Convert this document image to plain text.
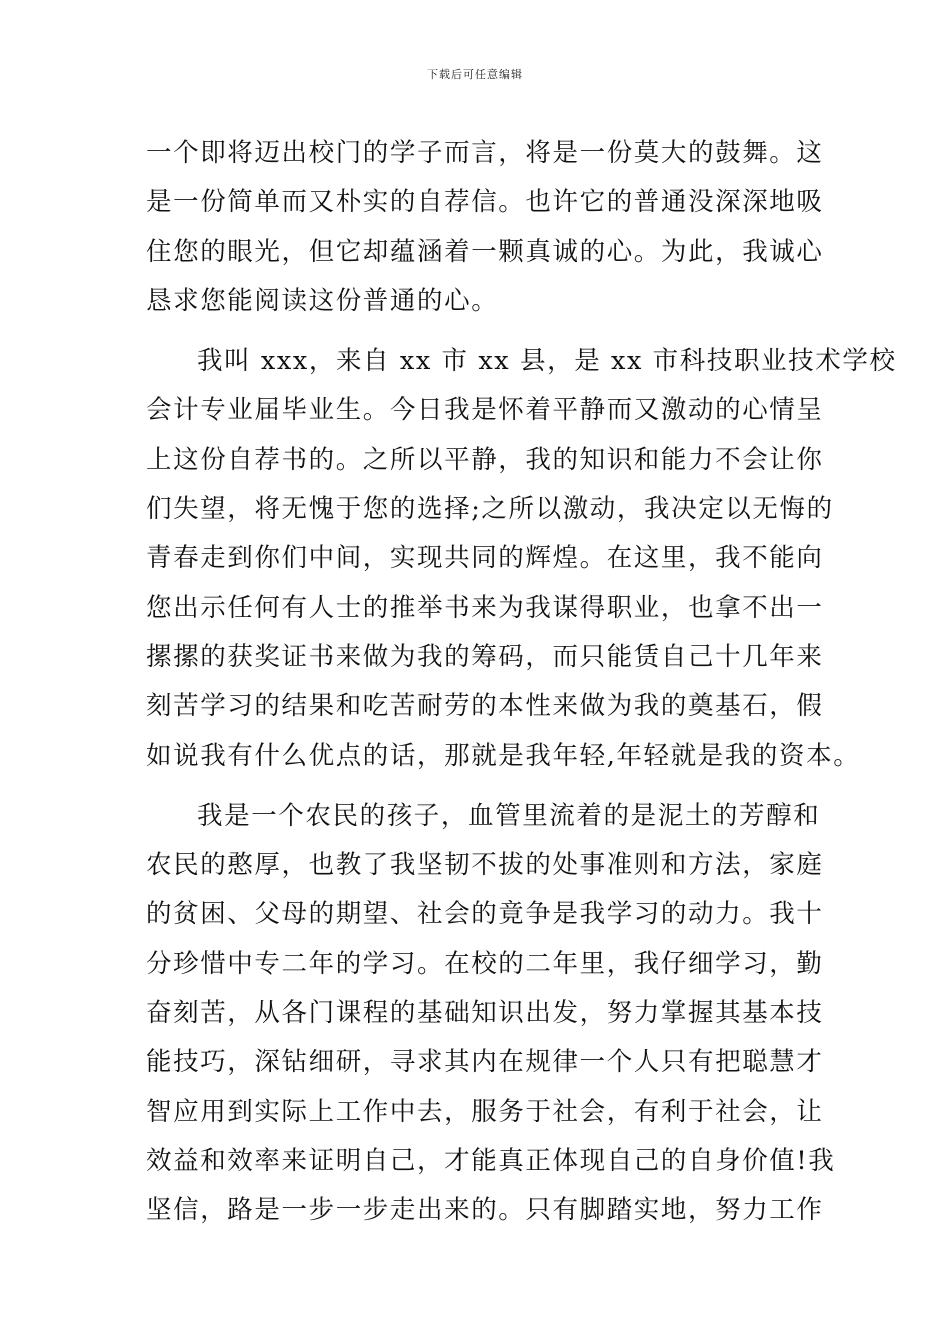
下载后可任意编辑
一个即将迈出校门的学子而言，将是一份莫大的鼓舞。这
是一份简单而又朴实的自荐信。也许它的普通没深深地吸
住您的眼光，但它却蕴涵着一颗真诚的心。为此，我诚心
恳求您能阅读这份普通的心。
我叫 xxx，来自 xx 市 xx 县，是 xx 市科技职业技术学校
会计专业届毕业生。今日我是怀着平静而又激动的心情呈
上这份自荐书的。之所以平静，我的知识和能力不会让你
们失望，将无愧于您的选择;之所以激动，我决定以无悔的
青春走到你们中间，实现共同的辉煌。在这里，我不能向
您出示任何有人士的推举书来为我谋得职业，也拿不出一
摞摞的获奖证书来做为我的筹码，而只能赁自己十几年来
刻苦学习的结果和吃苦耐劳的本性来做为我的奠基石，假
如说我有什么优点的话，那就是我年轻,年轻就是我的资本。
我是一个农民的孩子，血管里流着的是泥土的芳醇和
农民的憨厚，也教了我坚韧不拔的处事准则和方法，家庭
的贫困、父母的期望、社会的竟争是我学习的动力。我十
分珍惜中专二年的学习。在校的二年里，我仔细学习，勤
奋刻苦，从各门课程的基础知识出发，努力掌握其基本技
能技巧，深钻细研，寻求其内在规律一个人只有把聪慧才
智应用到实际上工作中去，服务于社会，有利于社会，让
效益和效率来证明自己，才能真正体现自己的自身价值!我
坚信，路是一步一步走出来的。只有脚踏实地，努力工作
